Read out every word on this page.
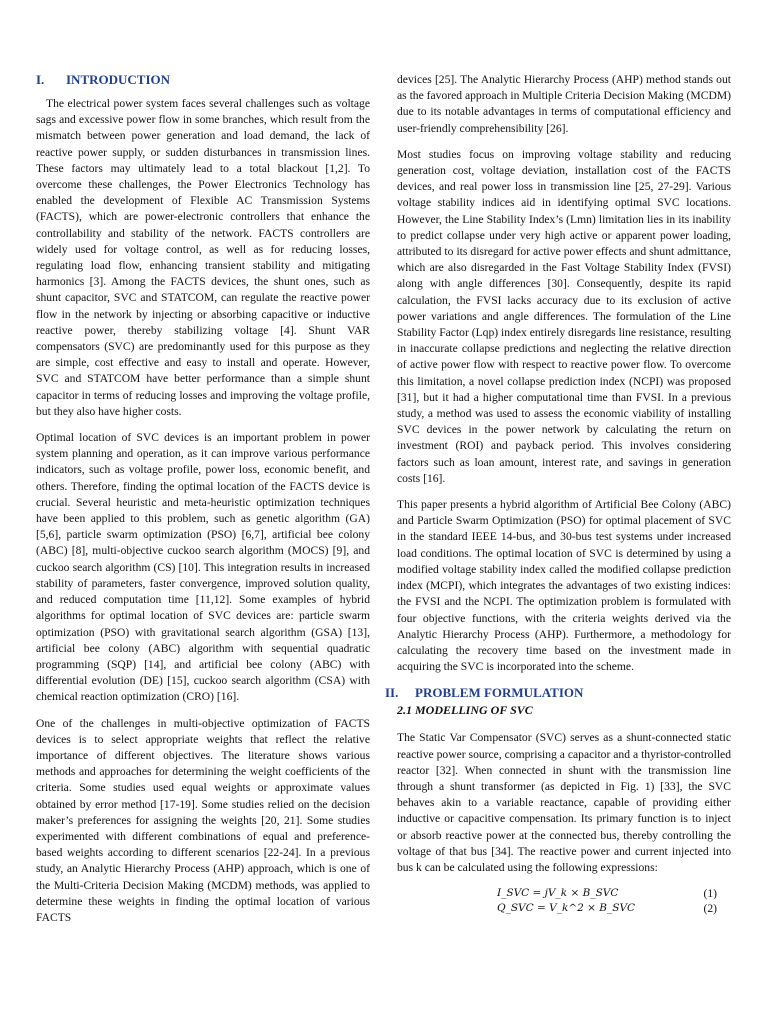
I. INTRODUCTION

The electrical power system faces several challenges such as voltage sags and excessive power flow in some branches, which result from the mismatch between power generation and load demand, the lack of reactive power supply, or sudden disturbances in transmission lines. These factors may ultimately lead to a total blackout [1,2]. To overcome these challenges, the Power Electronics Technology has enabled the development of Flexible AC Transmission Systems (FACTS), which are power-electronic controllers that enhance the controllability and stability of the network. FACTS controllers are widely used for voltage control, as well as for reducing losses, regulating load flow, enhancing transient stability and mitigating harmonics [3]. Among the FACTS devices, the shunt ones, such as shunt capacitor, SVC and STATCOM, can regulate the reactive power flow in the network by injecting or absorbing capacitive or inductive reactive power, thereby stabilizing voltage [4]. Shunt VAR compensators (SVC) are predominantly used for this purpose as they are simple, cost effective and easy to install and operate. However, SVC and STATCOM have better performance than a simple shunt capacitor in terms of reducing losses and improving the voltage profile, but they also have higher costs.

Optimal location of SVC devices is an important problem in power system planning and operation, as it can improve various performance indicators, such as voltage profile, power loss, economic benefit, and others. Therefore, finding the optimal location of the FACTS device is crucial. Several heuristic and meta-heuristic optimization techniques have been applied to this problem, such as genetic algorithm (GA) [5,6], particle swarm optimization (PSO) [6,7], artificial bee colony (ABC) [8], multi-objective cuckoo search algorithm (MOCS) [9], and cuckoo search algorithm (CS) [10]. This integration results in increased stability of parameters, faster convergence, improved solution quality, and reduced computation time [11,12]. Some examples of hybrid algorithms for optimal location of SVC devices are: particle swarm optimization (PSO) with gravitational search algorithm (GSA) [13], artificial bee colony (ABC) algorithm with sequential quadratic programming (SQP) [14], and artificial bee colony (ABC) with differential evolution (DE) [15], cuckoo search algorithm (CSA) with chemical reaction optimization (CRO) [16].

One of the challenges in multi-objective optimization of FACTS devices is to select appropriate weights that reflect the relative importance of different objectives. The literature shows various methods and approaches for determining the weight coefficients of the criteria. Some studies used equal weights or approximate values obtained by error method [17-19]. Some studies relied on the decision maker’s preferences for assigning the weights [20, 21]. Some studies experimented with different combinations of equal and preference-based weights according to different scenarios [22-24]. In a previous study, an Analytic Hierarchy Process (AHP) approach, which is one of the Multi-Criteria Decision Making (MCDM) methods, was applied to determine these weights in finding the optimal location of various FACTS

devices [25]. The Analytic Hierarchy Process (AHP) method stands out as the favored approach in Multiple Criteria Decision Making (MCDM) due to its notable advantages in terms of computational efficiency and user-friendly comprehensibility [26].

Most studies focus on improving voltage stability and reducing generation cost, voltage deviation, installation cost of the FACTS devices, and real power loss in transmission line [25, 27-29]. Various voltage stability indices aid in identifying optimal SVC locations. However, the Line Stability Index’s (Lmn) limitation lies in its inability to predict collapse under very high active or apparent power loading, attributed to its disregard for active power effects and shunt admittance, which are also disregarded in the Fast Voltage Stability Index (FVSI) along with angle differences [30]. Consequently, despite its rapid calculation, the FVSI lacks accuracy due to its exclusion of active power variations and angle differences. The formulation of the Line Stability Factor (Lqp) index entirely disregards line resistance, resulting in inaccurate collapse predictions and neglecting the relative direction of active power flow with respect to reactive power flow. To overcome this limitation, a novel collapse prediction index (NCPI) was proposed [31], but it had a higher computational time than FVSI. In a previous study, a method was used to assess the economic viability of installing SVC devices in the power network by calculating the return on investment (ROI) and payback period. This involves considering factors such as loan amount, interest rate, and savings in generation costs [16].

This paper presents a hybrid algorithm of Artificial Bee Colony (ABC) and Particle Swarm Optimization (PSO) for optimal placement of SVC in the standard IEEE 14-bus, and 30-bus test systems under increased load conditions. The optimal location of SVC is determined by using a modified voltage stability index called the modified collapse prediction index (MCPI), which integrates the advantages of two existing indices: the FVSI and the NCPI. The optimization problem is formulated with four objective functions, with the criteria weights derived via the Analytic Hierarchy Process (AHP). Furthermore, a methodology for calculating the recovery time based on the investment made in acquiring the SVC is incorporated into the scheme.

II. PROBLEM FORMULATION
2.1 MODELLING OF SVC

The Static Var Compensator (SVC) serves as a shunt-connected static reactive power source, comprising a capacitor and a thyristor-controlled reactor [32]. When connected in shunt with the transmission line through a shunt transformer (as depicted in Fig. 1) [33], the SVC behaves akin to a variable reactance, capable of providing either inductive or capacitive compensation. Its primary function is to inject or absorb reactive power at the connected bus, thereby controlling the voltage of that bus [34]. The reactive power and current injected into bus k can be calculated using the following expressions:

I_SVC = jV_k × B_SVC	(1)
Q_SVC = V_k^2 × B_SVC	(2)
